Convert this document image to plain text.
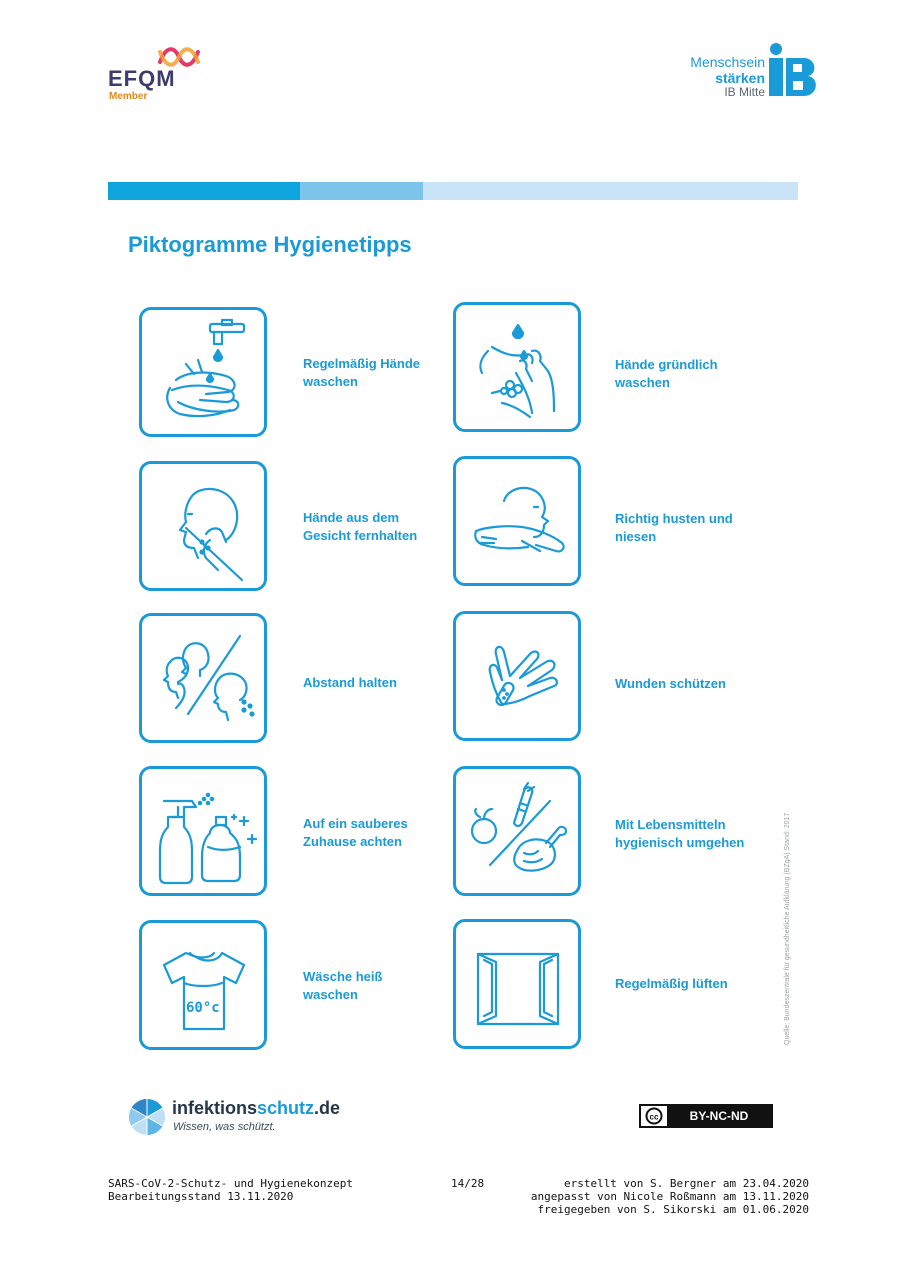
EFQM
Member
Menschsein
stärken
IB Mitte
Piktogramme Hygienetipps
Regelmäßig Hände
waschen
Hände gründlich
waschen
Hände aus dem
Gesicht fernhalten
Richtig husten und
niesen
Abstand halten	Wunden schützen
Auf ein sauberes
Zuhause achten
Mit Lebensmitteln
hygienisch umgehen
60°c
Wäsche heiß
waschen
Regelmäßig lüften	Quelle: Bundeszentrale für gesundheitliche Aufklärung (BZgA) Stand: 2017
infektionsschutz.de
Wissen, was schützt.
cc	BY-NC-ND
SARS-CoV-2-Schutz- und Hygienekonzept
Bearbeitungsstand 13.11.2020
14/28	erstellt von S. Bergner am 23.04.2020
angepasst von Nicole Roßmann am 13.11.2020
freigegeben von S. Sikorski am 01.06.2020
